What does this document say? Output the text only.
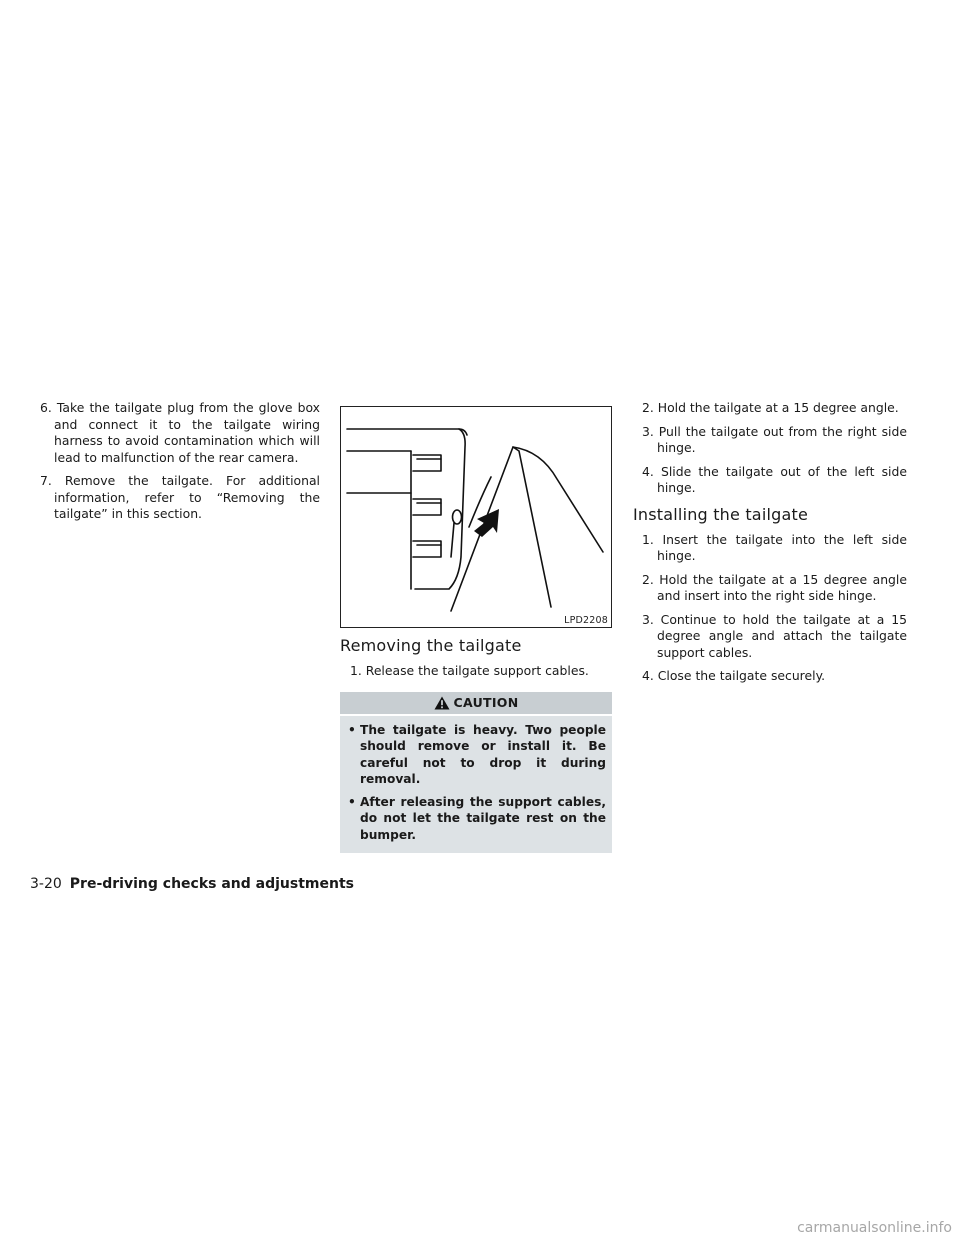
6. Take the tailgate plug from the glove box and connect it to the tailgate wiring harness to avoid contamination which will lead to malfunction of the rear camera.
7. Remove the tailgate. For additional information, refer to “Removing the tailgate” in this section.
LPD2208
Removing the tailgate
1. Release the tailgate support cables.
CAUTION
• The tailgate is heavy. Two people should remove or install it. Be careful not to drop it during removal.
• After releasing the support cables, do not let the tailgate rest on the bumper.
2. Hold the tailgate at a 15 degree angle.
3. Pull the tailgate out from the right side hinge.
4. Slide the tailgate out of the left side hinge.
Installing the tailgate
1. Insert the tailgate into the left side hinge.
2. Hold the tailgate at a 15 degree angle and insert into the right side hinge.
3. Continue to hold the tailgate at a 15 degree angle and attach the tailgate support cables.
4. Close the tailgate securely.
3-20 Pre-driving checks and adjustments
carmanualsonline.info
